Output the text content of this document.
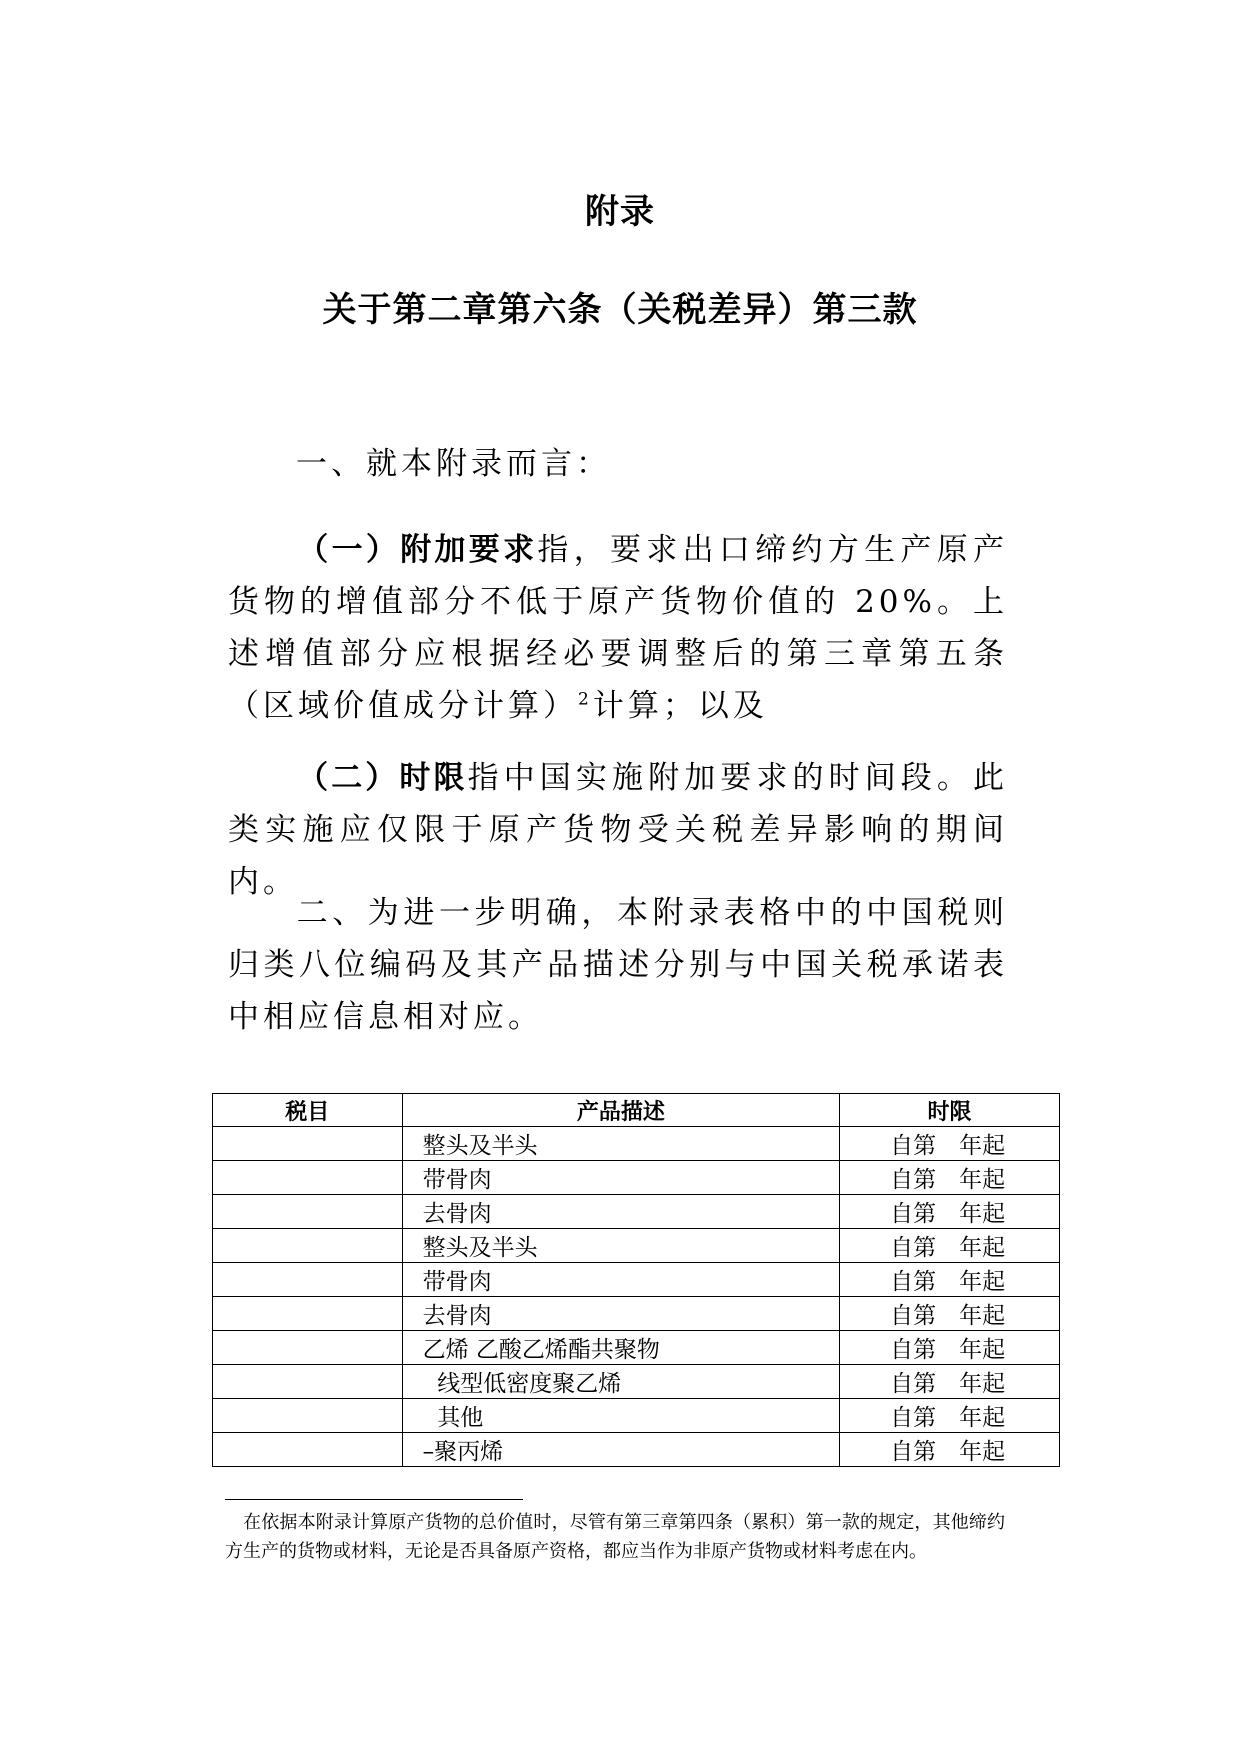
附录
关于第二章第六条（关税差异）第三款

一、就本附录而言：

（一）附加要求指，要求出口缔约方生产原产货物的增值部分不低于原产货物价值的 20%。上述增值部分应根据经必要调整后的第三章第五条（区域价值成分计算）$^2$计算；以及

（二）时限指中国实施附加要求的时间段。此类实施应仅限于原产货物受关税差异影响的期间内。

二、为进一步明确，本附录表格中的中国税则归类八位编码及其产品描述分别与中国关税承诺表中相应信息相对应。

税目	产品描述	时限
	整头及半头	自第　年起
	带骨肉	自第　年起
	去骨肉	自第　年起
	整头及半头	自第　年起
	带骨肉	自第　年起
	去骨肉	自第　年起
	乙烯 乙酸乙烯酯共聚物	自第　年起
	线型低密度聚乙烯	自第　年起
	其他	自第　年起
	–聚丙烯	自第　年起

在依据本附录计算原产货物的总价值时，尽管有第三章第四条（累积）第一款的规定，其他缔约方生产的货物或材料，无论是否具备原产资格，都应当作为非原产货物或材料考虑在内。
